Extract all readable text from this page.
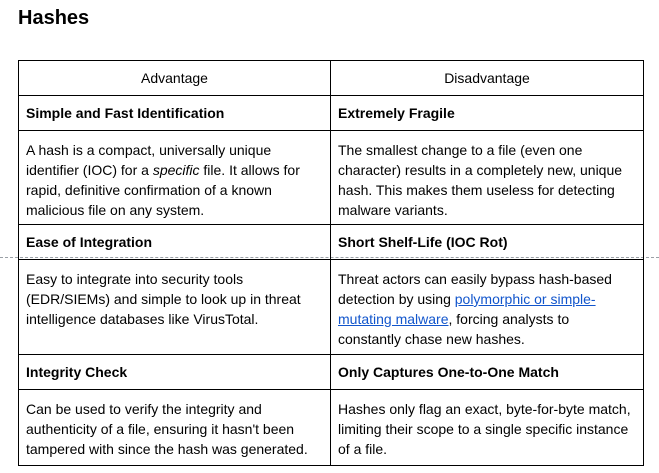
Hashes
Advantage	Disadvantage
Simple and Fast Identification	Extremely Fragile
A hash is a compact, universally unique identifier (IOC) for a specific file. It allows for rapid, definitive confirmation of a known malicious file on any system.	The smallest change to a file (even one character) results in a completely new, unique hash. This makes them useless for detecting malware variants.
Ease of Integration	Short Shelf-Life (IOC Rot)
Easy to integrate into security tools (EDR/SIEMs) and simple to look up in threat intelligence databases like VirusTotal.	Threat actors can easily bypass hash-based detection by using polymorphic or simple-mutating malware, forcing analysts to constantly chase new hashes.
Integrity Check	Only Captures One-to-One Match
Can be used to verify the integrity and authenticity of a file, ensuring it hasn't been tampered with since the hash was generated.	Hashes only flag an exact, byte-for-byte match, limiting their scope to a single specific instance of a file.
